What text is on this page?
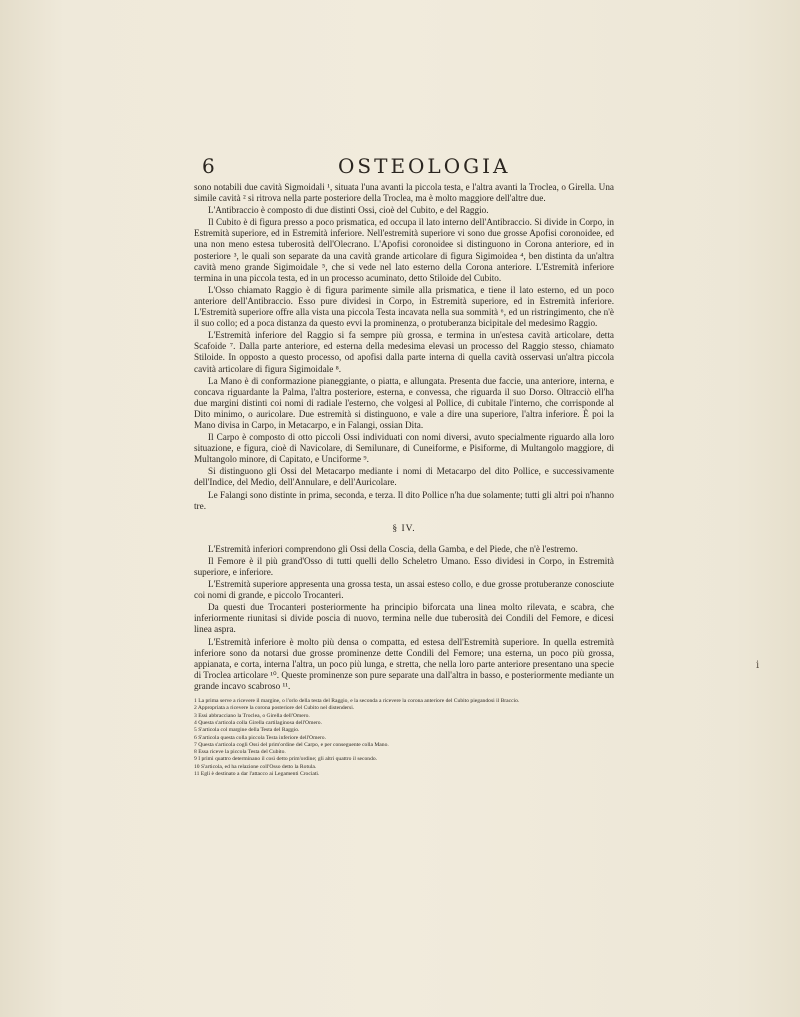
6	OSTEOLOGIA

sono notabili due cavità Sigmoidali ¹, situata l'una avanti la piccola testa, e l'altra avanti la Troclea, o Girella. Una simile cavità ² si ritrova nella parte posteriore della Troclea, ma è molto maggiore dell'altre due.

L'Antibraccio è composto di due distinti Ossi, cioè del Cubito, e del Raggio.

Il Cubito è di figura presso a poco prismatica, ed occupa il lato interno dell'Antibraccio. Si divide in Corpo, in Estremità superiore, ed in Estremità inferiore. Nell'estremità superiore vi sono due grosse Apofisi coronoidee, ed una non meno estesa tuberosità dell'Olecrano. L'Apofisi coronoidee si distinguono in Corona anteriore, ed in posteriore ³, le quali son separate da una cavità grande articolare di figura Sigimoidea ⁴, ben distinta da un'altra cavità meno grande Sigimoidale ⁵, che si vede nel lato esterno della Corona anteriore. L'Estremità inferiore termina in una piccola testa, ed in un processo acuminato, detto Stiloide del Cubito.

L'Osso chiamato Raggio è di figura parimente simile alla prismatica, e tiene il lato esterno, ed un poco anteriore dell'Antibraccio. Esso pure dividesi in Corpo, in Estremità superiore, ed in Estremità inferiore. L'Estremità superiore offre alla vista una piccola Testa incavata nella sua sommità ⁶, ed un ristringimento, che n'è il suo collo; ed a poca distanza da questo evvi la prominenza, o protuberanza bicipitale del medesimo Raggio.

L'Estremità inferiore del Raggio si fa sempre più grossa, e termina in un'estesa cavità articolare, detta Scafoide ⁷. Dalla parte anteriore, ed esterna della medesima elevasi un processo del Raggio stesso, chiamato Stiloide. In opposto a questo processo, od apofisi dalla parte interna di quella cavità osservasi un'altra piccola cavità articolare di figura Sigimoidale ⁸.

La Mano è di conformazione pianeggiante, o piatta, e allungata. Presenta due faccie, una anteriore, interna, e concava riguardante la Palma, l'altra posteriore, esterna, e convessa, che riguarda il suo Dorso. Oltracciò ell'ha due margini distinti coi nomi di radiale l'esterno, che volgesi al Pollice, di cubitale l'interno, che corrisponde al Dito minimo, o auricolare. Due estremità si distinguono, e vale a dire una superiore, l'altra inferiore. È poi la Mano divisa in Carpo, in Metacarpo, e in Falangi, ossian Dita.

Il Carpo è composto di otto piccoli Ossi individuati con nomi diversi, avuto specialmente riguardo alla loro situazione, e figura, cioè di Navicolare, di Semilunare, di Cuneiforme, e Pisiforme, di Multangolo maggiore, di Multangolo minore, di Capitato, e Unciforme ⁹.

Si distinguono gli Ossi del Metacarpo mediante i nomi di Metacarpo del dito Pollice, e successivamente dell'Indice, del Medio, dell'Annulare, e dell'Auricolare.

Le Falangi sono distinte in prima, seconda, e terza. Il dito Pollice n'ha due solamente; tutti gli altri poi n'hanno tre.

§ IV.

L'Estremità inferiori comprendono gli Ossi della Coscia, della Gamba, e del Piede, che n'è l'estremo.

Il Femore è il più grand'Osso di tutti quelli dello Scheletro Umano. Esso dividesi in Corpo, in Estremità superiore, e inferiore.

L'Estremità superiore appresenta una grossa testa, un assai esteso collo, e due grosse protuberanze conosciute coi nomi di grande, e piccolo Trocanteri.

Da questi due Trocanteri posteriormente ha principio biforcata una linea molto rilevata, e scabra, che inferiormente riunitasi si divide poscia di nuovo, termina nelle due tuberosità dei Condili del Femore, e dicesi linea aspra.

L'Estremità inferiore è molto più densa o compatta, ed estesa dell'Estremità superiore. In quella estremità inferiore sono da notarsi due grosse prominenze dette Condili del Femore; una esterna, un poco più grossa, appianata, e corta, interna l'altra, un poco più lunga, e stretta, che nella loro parte anteriore presentano una specie di Troclea articolare ¹⁰. Queste prominenze son pure separate una dall'altra in basso, e posteriormente mediante un grande incavo scabroso ¹¹.

1 La prima serve a ricevere il margine, o l'orlo della testa del Raggio, e la seconda a ricevere la corona anteriore del Cubito piegandosi il Braccio.
2 Appropriata a ricevere la corona posteriore del Cubito nel distendersi.
3 Essi abbracciano la Troclea, o Girella dell'Omero.
4 Questa s'articola colla Girella cartilaginosa dell'Omero.
5 S'articola col margine della Testa del Raggio.
6 S'articola questa colla piccola Testa inferiore dell'Omero.
7 Questa s'articola cogli Ossi del prim'ordine del Carpo, e per conseguente colla Mano.
8 Essa riceve la piccola Testa del Cubito.
9 I primi quattro determinano il così detto prim'ordine; gli altri quattro il secondo.
10 S'articola, ed ha relazione coll'Osso detto la Rotula.
11 Egli è destinato a dar l'attacco ai Legamenti Crociati.
i
